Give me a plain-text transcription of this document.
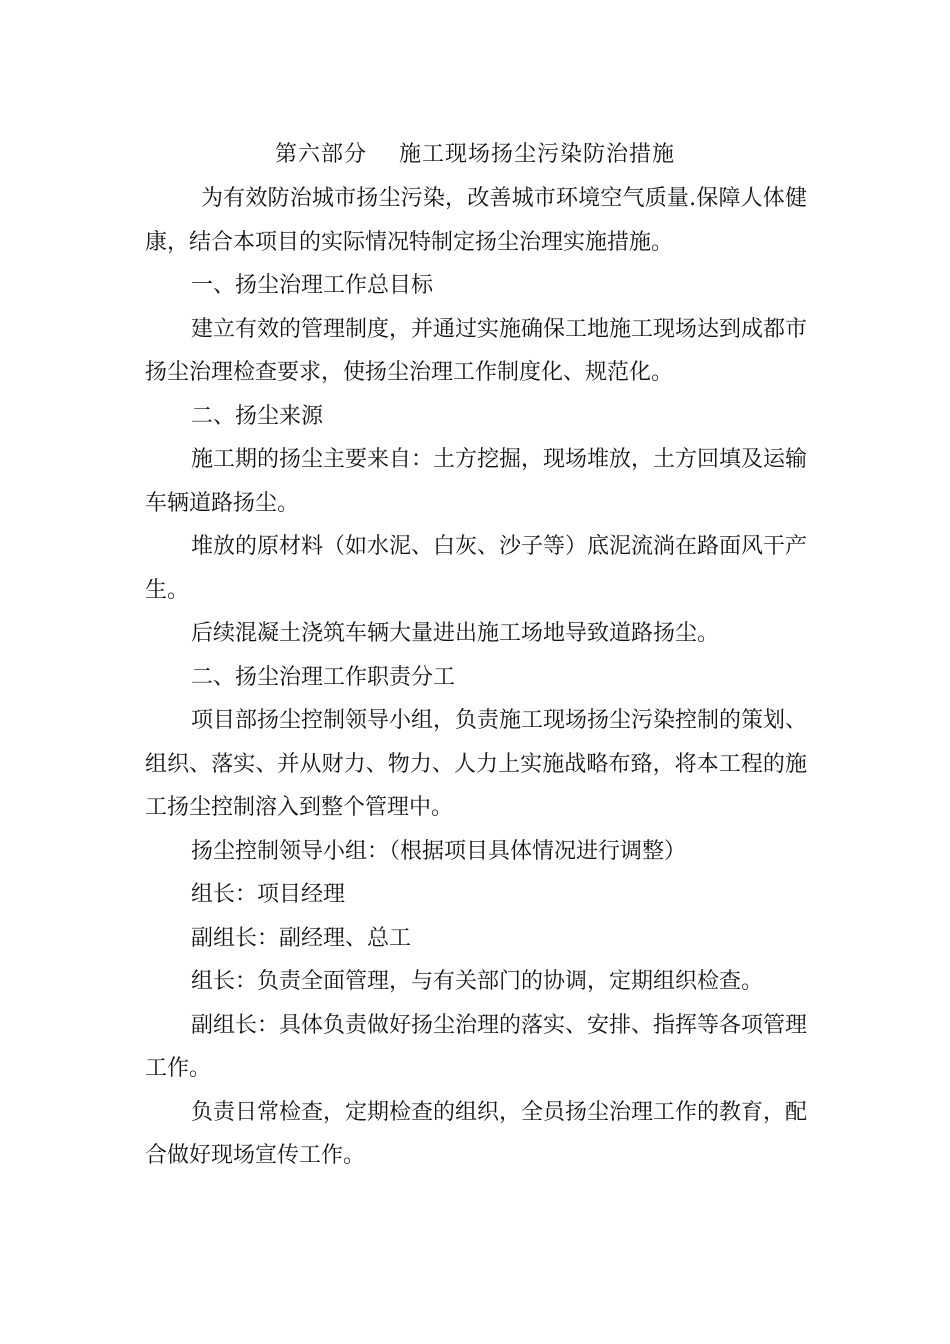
第六部分    施工现场扬尘污染防治措施

为有效防治城市扬尘污染，改善城市环境空气质量.保障人体健康，结合本项目的实际情况特制定扬尘治理实施措施。

一、扬尘治理工作总目标

建立有效的管理制度，并通过实施确保工地施工现场达到成都市扬尘治理检查要求，使扬尘治理工作制度化、规范化。

二、扬尘来源

施工期的扬尘主要来自：土方挖掘，现场堆放，土方回填及运输车辆道路扬尘。

堆放的原材料（如水泥、白灰、沙子等）底泥流淌在路面风干产生。

后续混凝土浇筑车辆大量进出施工场地导致道路扬尘。

二、扬尘治理工作职责分工

项目部扬尘控制领导小组，负责施工现场扬尘污染控制的策划、组织、落实、并从财力、物力、人力上实施战略布臵，将本工程的施工扬尘控制溶入到整个管理中。

扬尘控制领导小组：（根据项目具体情况进行调整）

组长：项目经理

副组长：副经理、总工

组长：负责全面管理，与有关部门的协调，定期组织检查。

副组长：具体负责做好扬尘治理的落实、安排、指挥等各项管理工作。

负责日常检查，定期检查的组织，全员扬尘治理工作的教育，配合做好现场宣传工作。
